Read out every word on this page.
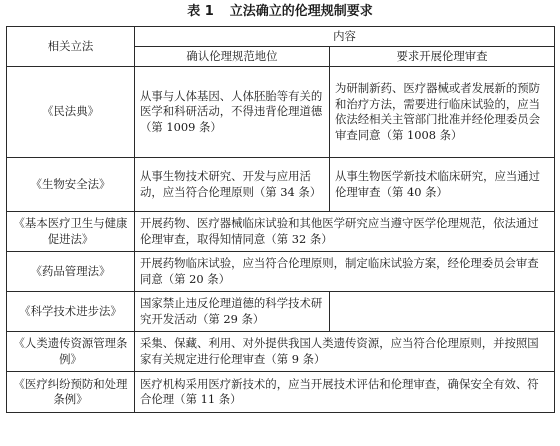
表 1 立法确立的伦理规制要求
相关立法	内容	
	确认伦理规范地位	要求开展伦理审查
《民法典》	从事与人体基因、人体胚胎等有关的医学和科研活动，不得违背伦理道德（第 1009 条）	为研制新药、医疗器械或者发展新的预防和治疗方法，需要进行临床试验的，应当依法经相关主管部门批准并经伦理委员会审查同意（第 1008 条）
《生物安全法》	从事生物技术研究、开发与应用活动，应当符合伦理原则（第 34 条）	从事生物医学新技术临床研究，应当通过伦理审查（第 40 条）
《基本医疗卫生与健康促进法》	开展药物、医疗器械临床试验和其他医学研究应当遵守医学伦理规范，依法通过伦理审查，取得知情同意（第 32 条）	
《药品管理法》	开展药物临床试验，应当符合伦理原则，制定临床试验方案，经伦理委员会审查同意（第 20 条）	
《科学技术进步法》	国家禁止违反伦理道德的科学技术研究开发活动（第 29 条）	
《人类遗传资源管理条例》	采集、保藏、利用、对外提供我国人类遗传资源，应当符合伦理原则，并按照国家有关规定进行伦理审查（第 9 条）	
《医疗纠纷预防和处理条例》	医疗机构采用医疗新技术的，应当开展技术评估和伦理审查，确保安全有效、符合伦理（第 11 条）	
